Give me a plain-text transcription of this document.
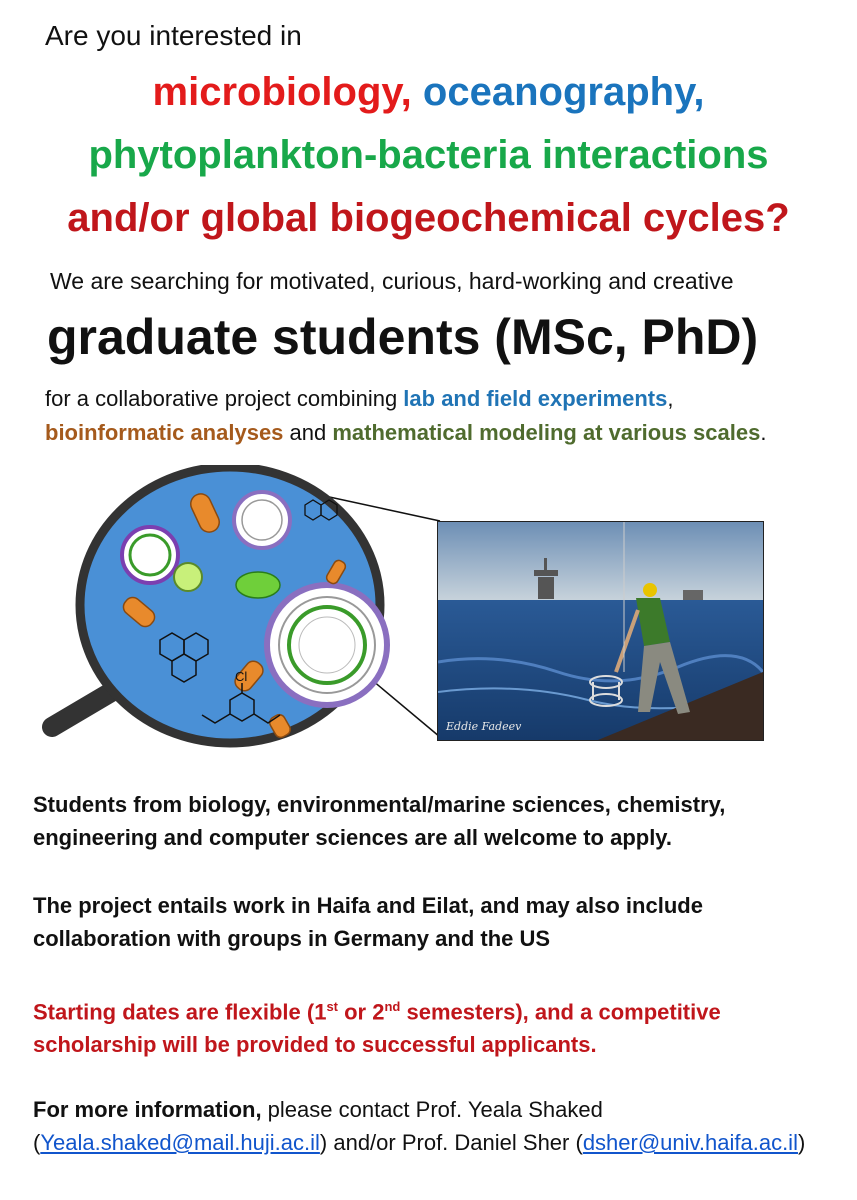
Are you interested in
microbiology, oceanography,
phytoplankton-bacteria interactions
and/or global biogeochemical cycles?
We are searching for motivated, curious, hard-working and creative
graduate students (MSc, PhD)
for a collaborative project combining lab and field experiments,
bioinformatic analyses and mathematical modeling at various scales.
Cl
Eddie Fadeev
Students from biology, environmental/marine sciences, chemistry, engineering and computer sciences are all welcome to apply.
The project entails work in Haifa and Eilat, and may also include collaboration with groups in Germany and the US
Starting dates are flexible (1st or 2nd semesters), and a competitive scholarship will be provided to successful applicants.
For more information, please contact Prof. Yeala Shaked (Yeala.shaked@mail.huji.ac.il) and/or Prof. Daniel Sher (dsher@univ.haifa.ac.il)
